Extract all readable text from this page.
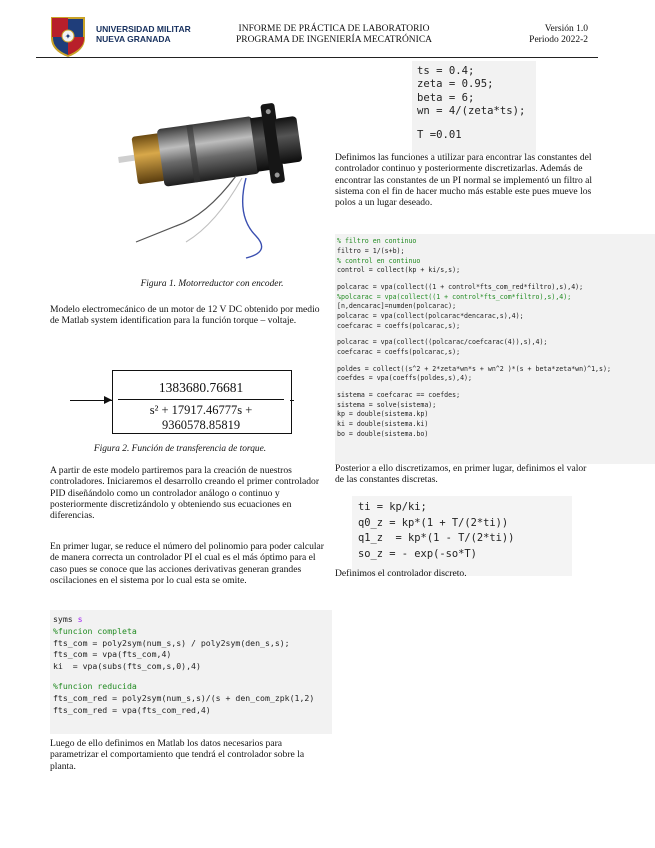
✦
UNIVERSIDAD MILITAR
NUEVA GRANADA
INFORME DE PRÁCTICA DE LABORATORIO
PROGRAMA DE INGENIERÍA MECATRÓNICA
Versión 1.0
Periodo 2022-2
Figura 1. Motorreductor con encoder.
Modelo electromecánico de un motor de 12 V DC obtenido por medio de Matlab system identification para la función torque – voltaje.
1383680.76681
s² + 17917.46777s + 9360578.85819
Figura 2. Función de transferencia de torque.
A partir de este modelo partiremos para la creación de nuestros controladores. Iniciaremos el desarrollo creando el primer controlador PID diseñándolo como un controlador análogo o continuo y posteriormente discretizándolo y obteniendo sus ecuaciones en diferencias.
En primer lugar, se reduce el número del polinomio para poder calcular de manera correcta un controlador PI el cual es el más óptimo para el caso pues se conoce que las acciones derivativas generan grandes oscilaciones en el sistema por lo cual esta se omite.
syms s
%funcion completa
fts_com = poly2sym(num_s,s) / poly2sym(den_s,s);
fts_com = vpa(fts_com,4)
ki  = vpa(subs(fts_com,s,0),4)
%funcion reducida
fts_com_red = poly2sym(num_s,s)/(s + den_com_zpk(1,2)
fts_com_red = vpa(fts_com_red,4)
Luego de ello definimos en Matlab los datos necesarios para parametrizar el comportamiento que tendrá el controlador sobre la planta.
ts = 0.4;
zeta = 0.95;
beta = 6;
wn = 4/(zeta*ts);
T =0.01
Definimos las funciones a utilizar para encontrar las constantes del controlador continuo y posteriormente discretizarlas. Además de encontrar las constantes de un PI normal se implementó un filtro al sistema con el fin de hacer mucho más estable este pues mueve los polos a un lugar deseado.
% filtro en continuo
filtro = 1/(s+b);
% control en continuo
control = collect(kp + ki/s,s);
polcarac = vpa(collect((1 + control*fts_com_red*filtro),s),4);
%polcarac = vpa(collect((1 + control*fts_com*filtro),s),4);
[n,dencarac]=numden(polcarac);
polcarac = vpa(collect(polcarac*dencarac,s),4);
coefcarac = coeffs(polcarac,s);
polcarac = vpa(collect((polcarac/coefcarac(4)),s),4);
coefcarac = coeffs(polcarac,s);
poldes = collect((s^2 + 2*zeta*wn*s + wn^2 )*(s + beta*zeta*wn)^1,s);
coefdes = vpa(coeffs(poldes,s),4);
sistema = coefcarac == coefdes;
sistema = solve(sistema);
kp = double(sistema.kp)
ki = double(sistema.ki)
bo = double(sistema.bo)
Posterior a ello discretizamos, en primer lugar, definimos el valor de las constantes discretas.
ti = kp/ki;
q0_z = kp*(1 + T/(2*ti))
q1_z  = kp*(1 - T/(2*ti))
so_z = - exp(-so*T)
Definimos el controlador discreto.
